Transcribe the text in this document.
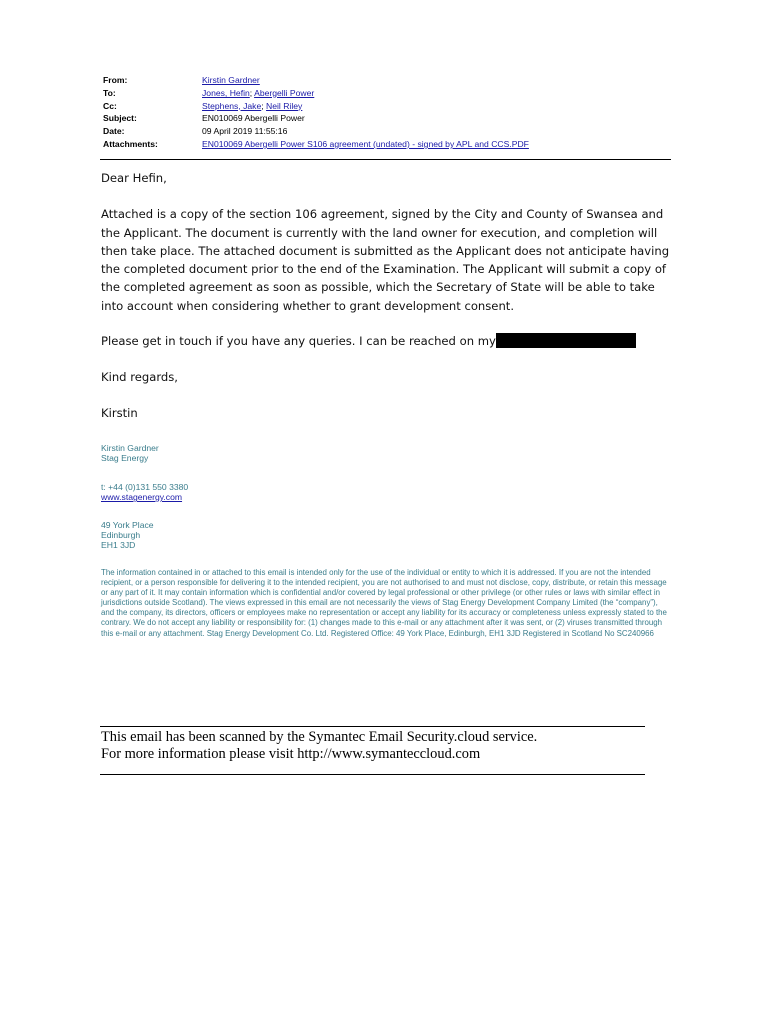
From:	Kirstin Gardner
To:	Jones, Hefin; Abergelli Power
Cc:	Stephens, Jake; Neil Riley
Subject:	EN010069 Abergelli Power
Date:	09 April 2019 11:55:16
Attachments:	EN010069 Abergelli Power S106 agreement (undated) - signed by APL and CCS.PDF

Dear Hefin,

Attached is a copy of the section 106 agreement, signed by the City and County of Swansea and the Applicant. The document is currently with the land owner for execution, and completion will then take place. The attached document is submitted as the Applicant does not anticipate having the completed document prior to the end of the Examination. The Applicant will submit a copy of the completed agreement as soon as possible, which the Secretary of State will be able to take into account when considering whether to grant development consent.

Please get in touch if you have any queries. I can be reached on my

Kind regards,

Kirstin

Kirstin Gardner
Stag Energy
t: +44 (0)131 550 3380
www.stagenergy.com
49 York Place
Edinburgh
EH1 3JD
The information contained in or attached to this email is intended only for the use of the individual or entity to which it is addressed. If you are not the intended recipient, or a person responsible for delivering it to the intended recipient, you are not authorised to and must not disclose, copy, distribute, or retain this message or any part of it. It may contain information which is confidential and/or covered by legal professional or other privilege (or other rules or laws with similar effect in jurisdictions outside Scotland). The views expressed in this email are not necessarily the views of Stag Energy Development Company Limited (the “company”), and the company, its directors, officers or employees make no representation or accept any liability for its accuracy or completeness unless expressly stated to the contrary. We do not accept any liability or responsibility for: (1) changes made to this e-mail or any attachment after it was sent, or (2) viruses transmitted through this e-mail or any attachment. Stag Energy Development Co. Ltd. Registered Office: 49 York Place, Edinburgh, EH1 3JD Registered in Scotland No SC240966
This email has been scanned by the Symantec Email Security.cloud service.
For more information please visit http://www.symanteccloud.com
